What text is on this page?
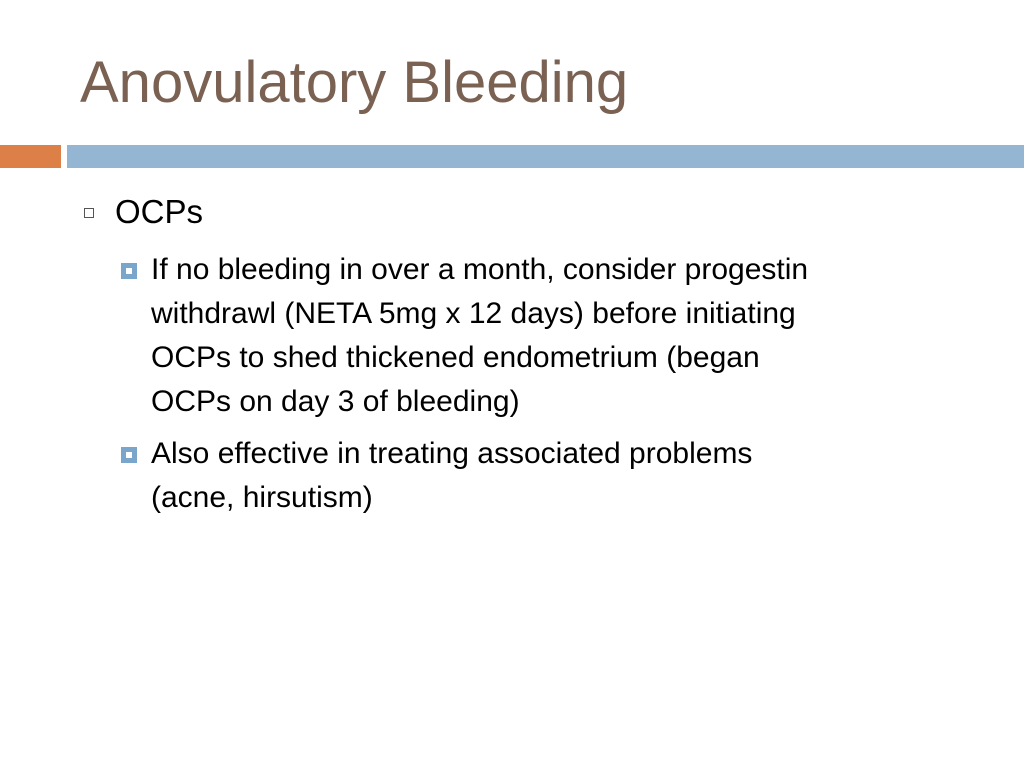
Anovulatory Bleeding
OCPs
If no bleeding in over a month, consider progestin
withdrawl (NETA 5mg x 12 days) before initiating
OCPs to shed thickened endometrium (began
OCPs on day 3 of bleeding)
Also effective in treating associated problems
(acne, hirsutism)
